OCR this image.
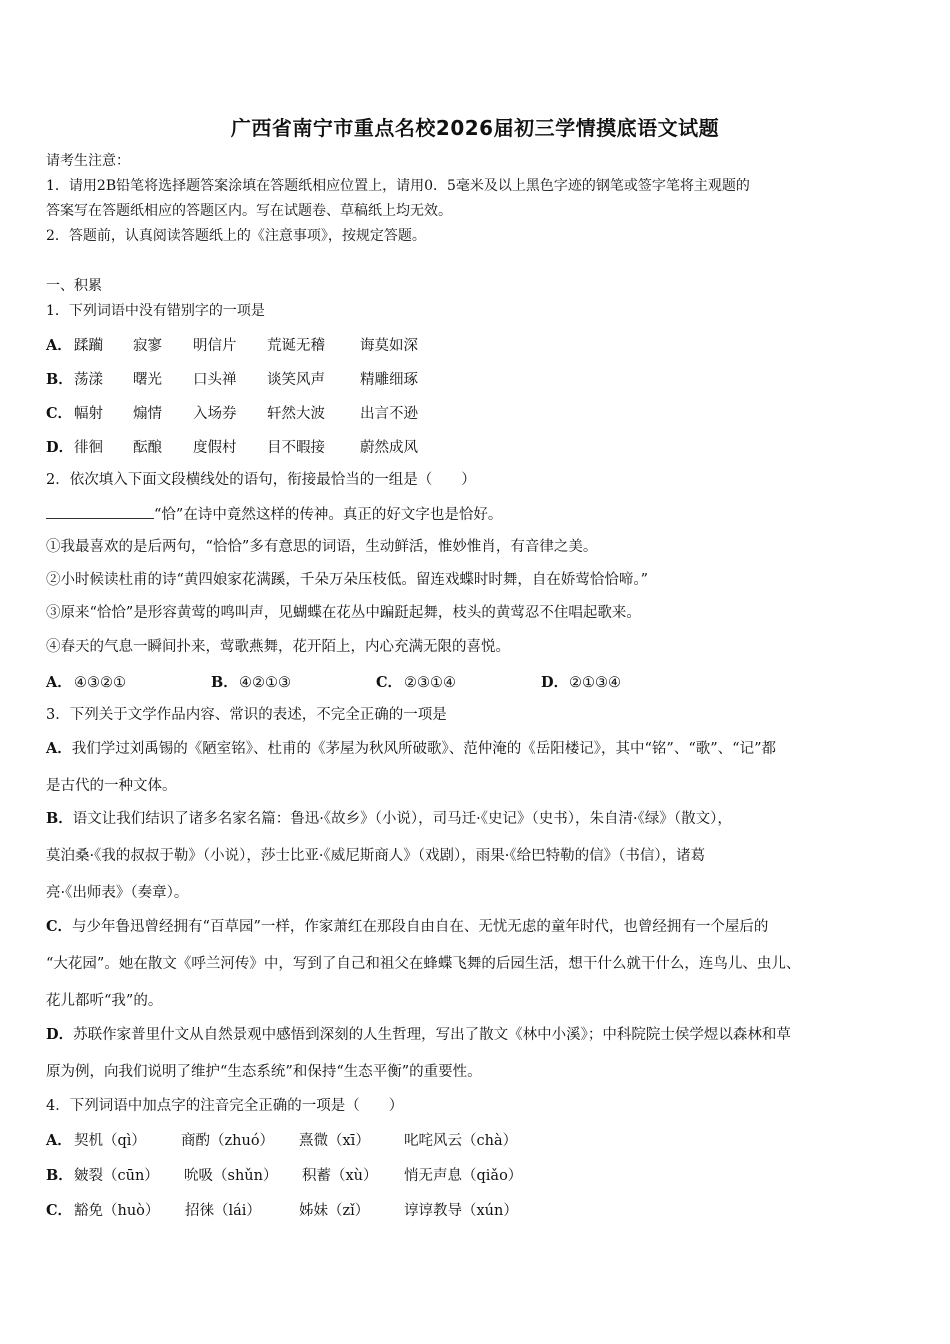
广西省南宁市重点名校2026届初三学情摸底语文试题
请考生注意：
1．请用2B铅笔将选择题答案涂填在答题纸相应位置上，请用0．5毫米及以上黑色字迹的钢笔或签字笔将主观题的
答案写在答题纸相应的答题区内。写在试题卷、草稿纸上均无效。
2．答题前，认真阅读答题纸上的《注意事项》，按规定答题。
一、积累
1．下列词语中没有错别字的一项是
A． 蹂躏 寂寥 明信片 荒诞无稽 诲莫如深
B．荡漾 曙光 口头禅 谈笑风声 精雕细琢
C． 幅射 煽情 入场券 轩然大波 出言不逊
D．徘徊 酝酿 度假村 目不暇接 蔚然成风
2．依次填入下面文段横线处的语句，衔接最恰当的一组是（　　）
“恰”在诗中竟然这样的传神。真正的好文字也是恰好。
①我最喜欢的是后两句，“恰恰”多有意思的词语，生动鲜活，惟妙惟肖，有音律之美。
②小时候读杜甫的诗“黄四娘家花满蹊，千朵万朵压枝低。留连戏蝶时时舞，自在娇莺恰恰啼。”
③原来“恰恰”是形容黄莺的鸣叫声，见蝴蝶在花丛中蹁跹起舞，枝头的黄莺忍不住唱起歌来。
④春天的气息一瞬间扑来，莺歌燕舞，花开陌上，内心充满无限的喜悦。
A． ④③②①	B．④②①③	C． ②③①④	D．②①③④
3．下列关于文学作品内容、常识的表述，不完全正确的一项是
A．我们学过刘禹锡的《陋室铭》、杜甫的《茅屋为秋风所破歌》、范仲淹的《岳阳楼记》，其中“铭”、“歌”、“记”都
是古代的一种文体。
B．语文让我们结识了诸多名家名篇：鲁迅·《故乡》（小说），司马迁·《史记》（史书），朱自清·《绿》（散文），
莫泊桑·《我的叔叔于勒》（小说），莎士比亚·《威尼斯商人》（戏剧），雨果·《给巴特勒的信》（书信），诸葛
亮·《出师表》（奏章）。
C．与少年鲁迅曾经拥有“百草园”一样，作家萧红在那段自由自在、无忧无虑的童年时代，也曾经拥有一个屋后的
“大花园”。她在散文《呼兰河传》中，写到了自己和祖父在蜂蝶飞舞的后园生活，想干什么就干什么，连鸟儿、虫儿、
花儿都听“我”的。
D．苏联作家普里什文从自然景观中感悟到深刻的人生哲理，写出了散文《林中小溪》；中科院院士侯学煜以森林和草
原为例，向我们说明了维护“生态系统”和保持“生态平衡”的重要性。
4．下列词语中加点字的注音完全正确的一项是（　　）
A． 契机（qì） 商酌（zhuó） 熹微（xī） 叱咤风云（chà）
B．皴裂（cūn） 吮吸（shǔn） 积蓄（xù） 悄无声息（qiǎo）
C． 豁免（huò） 招徕（lái）	姊妹（zǐ） 谆谆教导（xún）
